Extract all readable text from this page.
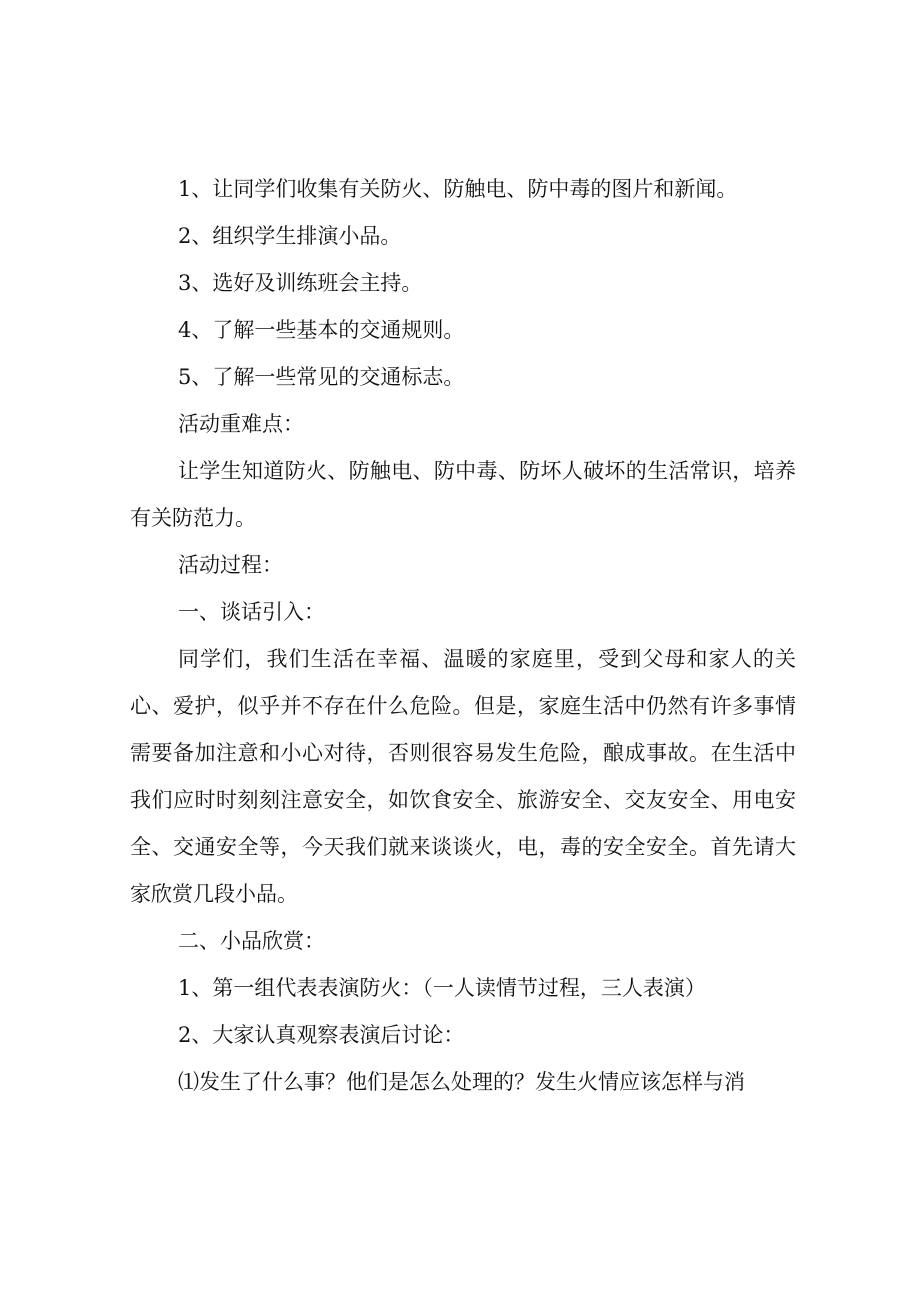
1、让同学们收集有关防火、防触电、防中毒的图片和新闻。

2、组织学生排演小品。

3、选好及训练班会主持。

4、了解一些基本的交通规则。

5、了解一些常见的交通标志。

活动重难点：

让学生知道防火、防触电、防中毒、防坏人破坏的生活常识，培养有关防范力。

活动过程：

一、谈话引入：

同学们，我们生活在幸福、温暖的家庭里，受到父母和家人的关心、爱护，似乎并不存在什么危险。但是，家庭生活中仍然有许多事情需要备加注意和小心对待，否则很容易发生危险，酿成事故。在生活中我们应时时刻刻注意安全，如饮食安全、旅游安全、交友安全、用电安全、交通安全等，今天我们就来谈谈火，电，毒的安全安全。首先请大家欣赏几段小品。

二、小品欣赏：

1、第一组代表表演防火：（一人读情节过程，三人表演）

2、大家认真观察表演后讨论：

⑴发生了什么事？他们是怎么处理的？发生火情应该怎样与消
